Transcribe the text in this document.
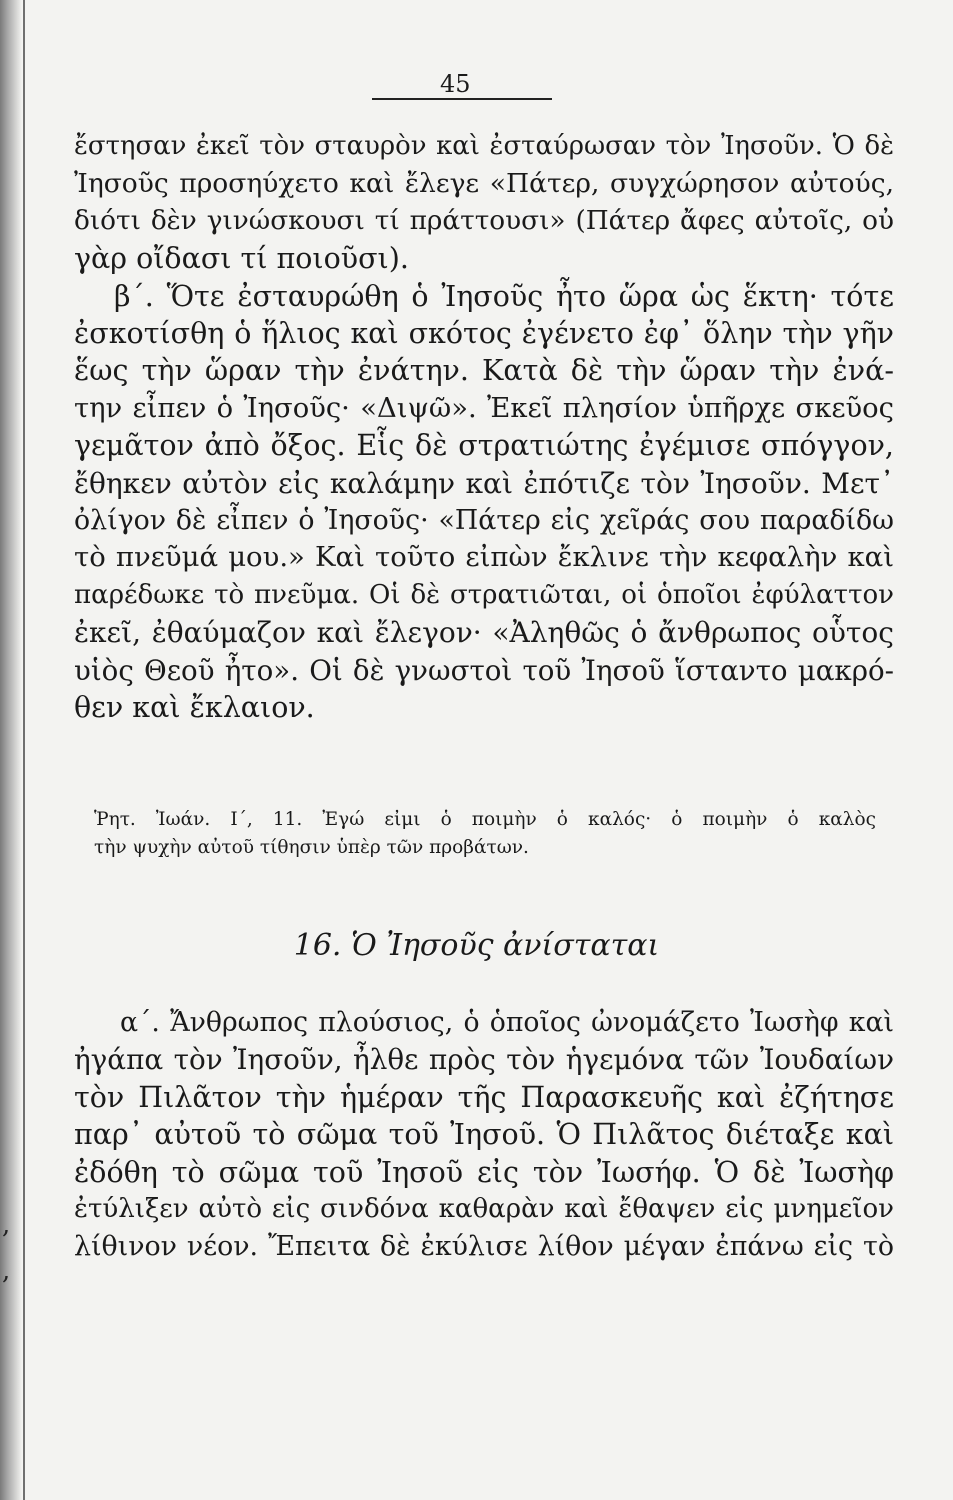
,
,
45
ἔστησαν ἐκεῖ τὸν σταυρὸν καὶ ἐσταύρωσαν τὸν Ἰησοῦν. Ὁ δὲ
Ἰησοῦς προσηύχετο καὶ ἔλεγε «Πάτερ, συγχώρησον αὐτούς,
διότι δὲν γινώσκουσι τί πράττουσι» (Πάτερ ἄφες αὐτοῖς, οὐ
γὰρ οἴδασι τί ποιοῦσι).
β΄. Ὅτε ἐσταυρώθη ὁ Ἰησοῦς ἦτο ὥρα ὡς ἕκτη· τότε
ἐσκοτίσθη ὁ ἥλιος καὶ σκότος ἐγένετο ἐφ᾽ ὅλην τὴν γῆν
ἕως τὴν ὥραν τὴν ἐνάτην. Κατὰ δὲ τὴν ὥραν τὴν ἐνά-
την εἶπεν ὁ Ἰησοῦς· «Διψῶ». Ἐκεῖ πλησίον ὑπῆρχε σκεῦος
γεμᾶτον ἀπὸ ὄξος. Εἷς δὲ στρατιώτης ἐγέμισε σπόγγον,
ἔθηκεν αὐτὸν εἰς καλάμην καὶ ἐπότιζε τὸν Ἰησοῦν. Μετ᾽
ὀλίγον δὲ εἶπεν ὁ Ἰησοῦς· «Πάτερ εἰς χεῖράς σου παραδίδω
τὸ πνεῦμά μου.» Καὶ τοῦτο εἰπὼν ἔκλινε τὴν κεφαλὴν καὶ
παρέδωκε τὸ πνεῦμα. Οἱ δὲ στρατιῶται, οἱ ὁποῖοι ἐφύλαττον
ἐκεῖ, ἐθαύμαζον καὶ ἔλεγον· «Ἀληθῶς ὁ ἄνθρωπος οὗτος
υἱὸς Θεοῦ ἦτο». Οἱ δὲ γνωστοὶ τοῦ Ἰησοῦ ἵσταντο μακρό-
θεν καὶ ἔκλαιον.
Ῥητ. Ἰωάν. Ι΄, 11. Ἐγώ εἰμι ὁ ποιμὴν ὁ καλός· ὁ ποιμὴν ὁ καλὸς
τὴν ψυχὴν αὐτοῦ τίθησιν ὑπὲρ τῶν προβάτων.
16. Ὁ Ἰησοῦς ἀνίσταται
α΄. Ἄνθρωπος πλούσιος, ὁ ὁποῖος ὠνομάζετο Ἰωσὴφ καὶ
ἠγάπα τὸν Ἰησοῦν, ἦλθε πρὸς τὸν ἡγεμόνα τῶν Ἰουδαίων
τὸν Πιλᾶτον τὴν ἡμέραν τῆς Παρασκευῆς καὶ ἐζήτησε
παρ᾽ αὐτοῦ τὸ σῶμα τοῦ Ἰησοῦ. Ὁ Πιλᾶτος διέταξε καὶ
ἐδόθη τὸ σῶμα τοῦ Ἰησοῦ εἰς τὸν Ἰωσήφ. Ὁ δὲ Ἰωσὴφ
ἐτύλιξεν αὐτὸ εἰς σινδόνα καθαρὰν καὶ ἔθαψεν εἰς μνημεῖον
λίθινον νέον. Ἔπειτα δὲ ἐκύλισε λίθον μέγαν ἐπάνω εἰς τὸ
